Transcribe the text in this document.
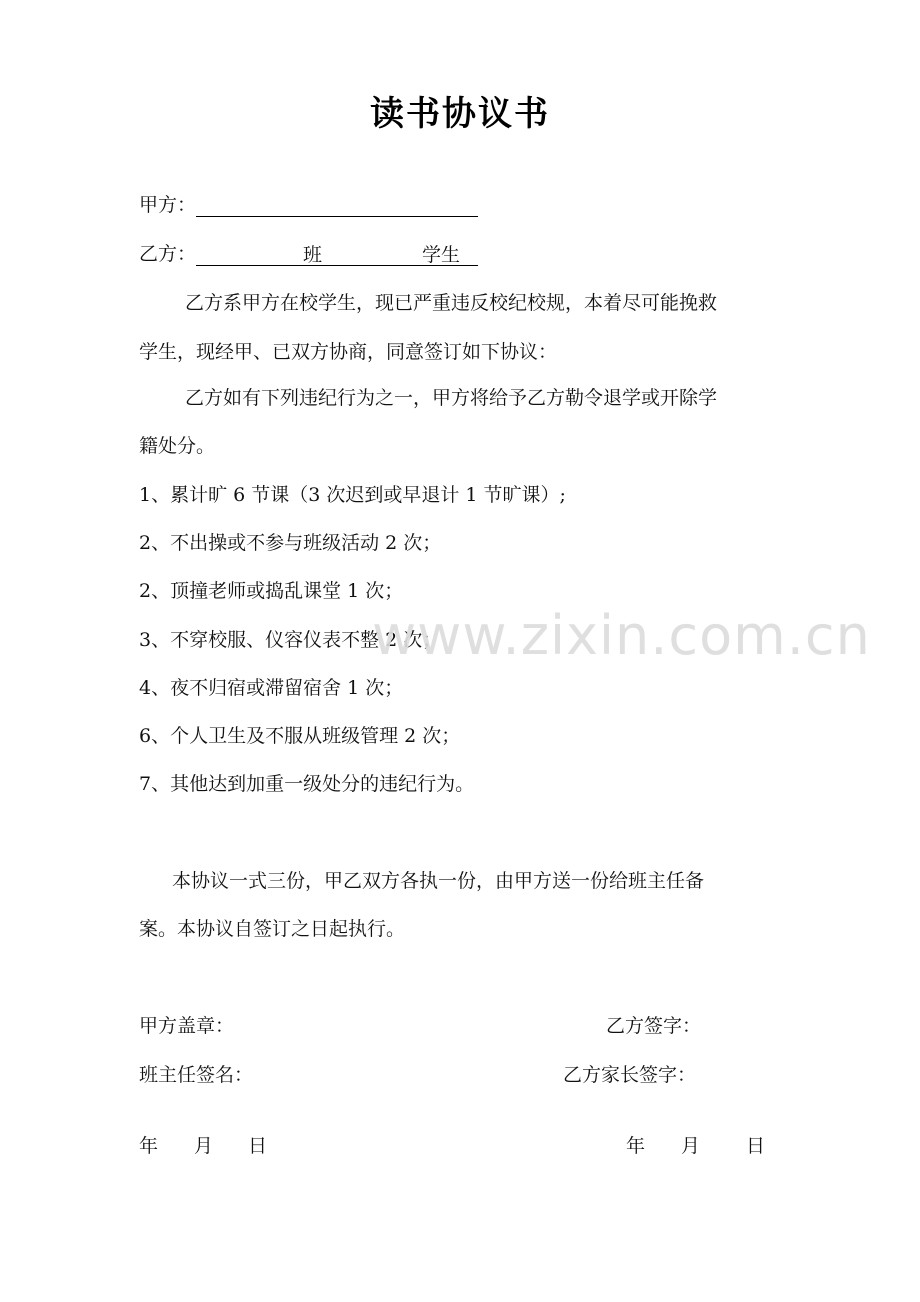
读书协议书
甲方：
乙方：	班	学生
乙方系甲方在校学生，现已严重违反校纪校规，本着尽可能挽救
学生，现经甲、已双方协商，同意签订如下协议：
乙方如有下列违纪行为之一，甲方将给予乙方勒令退学或开除学
籍处分。
1、累计旷 6 节课（3 次迟到或早退计 1 节旷课）;
2、不出操或不参与班级活动 2 次；
2、顶撞老师或捣乱课堂 1 次；
3、不穿校服、仪容仪表不整 2 次；
4、夜不归宿或滞留宿舍 1 次；
6、个人卫生及不服从班级管理 2 次；
7、其他达到加重一级处分的违纪行为。
本协议一式三份，甲乙双方各执一份，由甲方送一份给班主任备
案。本协议自签订之日起执行。
甲方盖章：	乙方签字：
班主任签名：	乙方家长签字：
年 月 日	年 月 日
www.zixin.com.cn
